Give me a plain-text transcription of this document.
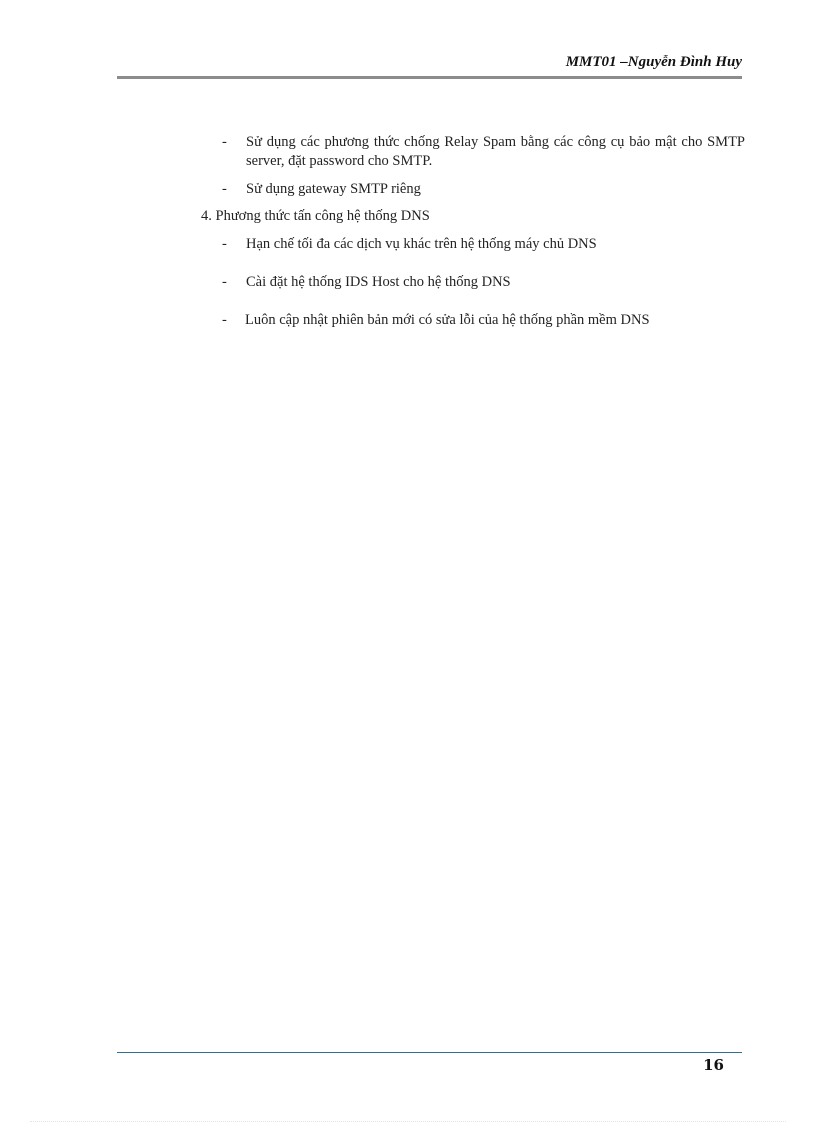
MMT01 –Nguyễn Đình Huy
- Sử dụng các phương thức chống Relay Spam bằng các công cụ bảo mật cho SMTP server, đặt password cho SMTP.
- Sử dụng gateway SMTP riêng
4. Phương thức tấn công hệ thống DNS
- Hạn chế tối đa các dịch vụ khác trên hệ thống máy chủ DNS
- Cài đặt hệ thống IDS Host cho hệ thống DNS
- Luôn cập nhật phiên bản mới có sửa lỗi của hệ thống phần mềm DNS
16
